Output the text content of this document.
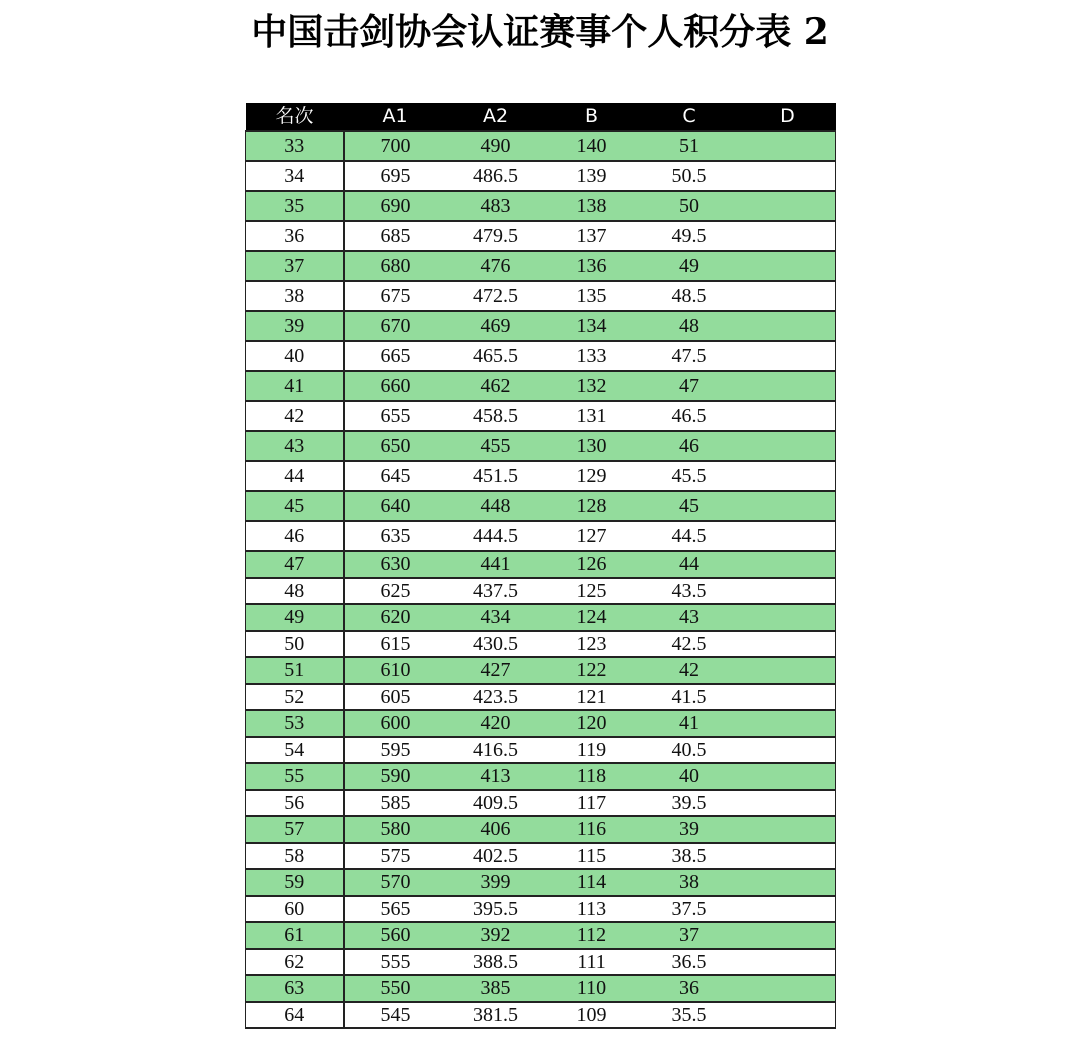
中国击剑协会认证赛事个人积分表 2
名次	A1	A2	B	C	D
33	700	490	140	51	
34	695	486.5	139	50.5	
35	690	483	138	50	
36	685	479.5	137	49.5	
37	680	476	136	49	
38	675	472.5	135	48.5	
39	670	469	134	48	
40	665	465.5	133	47.5	
41	660	462	132	47	
42	655	458.5	131	46.5	
43	650	455	130	46	
44	645	451.5	129	45.5	
45	640	448	128	45	
46	635	444.5	127	44.5	
47	630	441	126	44	
48	625	437.5	125	43.5	
49	620	434	124	43	
50	615	430.5	123	42.5	
51	610	427	122	42	
52	605	423.5	121	41.5	
53	600	420	120	41	
54	595	416.5	119	40.5	
55	590	413	118	40	
56	585	409.5	117	39.5	
57	580	406	116	39	
58	575	402.5	115	38.5	
59	570	399	114	38	
60	565	395.5	113	37.5	
61	560	392	112	37	
62	555	388.5	111	36.5	
63	550	385	110	36	
64	545	381.5	109	35.5	
